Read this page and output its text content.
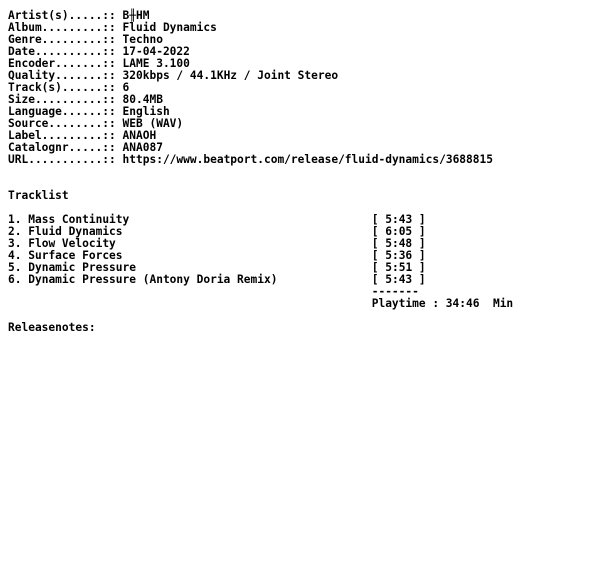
Artist(s).....:: B╫HM
Album.........:: Fluid Dynamics
Genre.........:: Techno
Date..........:: 17-04-2022
Encoder.......:: LAME 3.100
Quality.......:: 320kbps / 44.1KHz / Joint Stereo
Track(s)......:: 6
Size..........:: 80.4MB
Language......:: English
Source........:: WEB (WAV)
Label.........:: ANAOH
Catalognr.....:: ANA087
URL...........:: https://www.beatport.com/release/fluid-dynamics/3688815

Tracklist

1. Mass Continuity	[ 5:43 ]
2. Fluid Dynamics	[ 6:05 ]
3. Flow Velocity	[ 5:48 ]
4. Surface Forces	[ 5:36 ]
5. Dynamic Pressure	[ 5:51 ]
6. Dynamic Pressure (Antony Doria Remix)	[ 5:43 ]
-------
Playtime : 34:46  Min

Releasenotes:
